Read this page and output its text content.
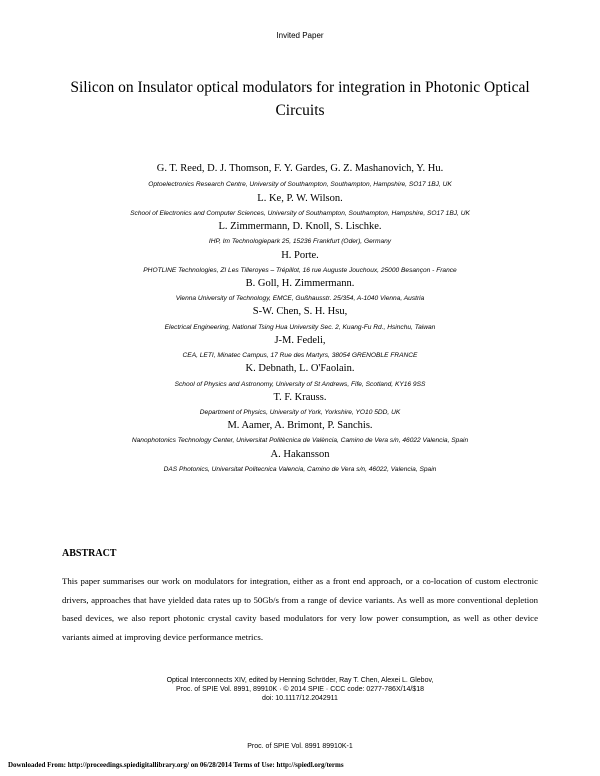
Invited Paper
Silicon on Insulator optical modulators for integration in Photonic Optical Circuits
G. T. Reed, D. J. Thomson, F. Y. Gardes, G. Z. Mashanovich, Y. Hu.
Optoelectronics Research Centre, University of Southampton, Southampton, Hampshire, SO17 1BJ, UK
L. Ke, P. W. Wilson.
School of Electronics and Computer Sciences, University of Southampton, Southampton, Hampshire, SO17 1BJ, UK
L. Zimmermann, D. Knoll, S. Lischke.
IHP, Im Technologiepark 25, 15236 Frankfurt (Oder), Germany
H. Porte.
PHOTLINE Technologies, ZI Les Tilleroyes – Trépillot, 16 rue Auguste Jouchoux, 25000 Besançon - France
B. Goll, H. Zimmermann.
Vienna University of Technology, EMCE, Gußhausstr. 25/354, A-1040 Vienna, Austria
S-W. Chen, S. H. Hsu,
Electrical Engineering, National Tsing Hua University Sec. 2, Kuang-Fu Rd., Hsinchu, Taiwan
J-M. Fedeli,
CEA, LETI, Minatec Campus, 17 Rue des Martyrs, 38054 GRENOBLE FRANCE
K. Debnath, L. O'Faolain.
School of Physics and Astronomy, University of St Andrews, Fife, Scotland, KY16 9SS
T. F. Krauss.
Department of Physics, University of York, Yorkshire, YO10 5DD, UK
M. Aamer, A. Brimont, P. Sanchis.
Nanophotonics Technology Center, Universitat Politècnica de València, Camino de Vera s/n, 46022 Valencia, Spain
A. Hakansson
DAS Photonics, Universitat Politecnica Valencia, Camino de Vera s/n, 46022, Valencia, Spain
ABSTRACT
This paper summarises our work on modulators for integration, either as a front end approach, or a co-location of custom electronic drivers, approaches that have yielded data rates up to 50Gb/s from a range of device variants. As well as more conventional depletion based devices, we also report photonic crystal cavity based modulators for very low power consumption, as well as other device variants aimed at improving device performance metrics.
Optical Interconnects XIV, edited by Henning Schröder, Ray T. Chen, Alexei L. Glebov,
Proc. of SPIE Vol. 8991, 89910K · © 2014 SPIE · CCC code: 0277-786X/14/$18
doi: 10.1117/12.2042911
Proc. of SPIE Vol. 8991 89910K-1
Downloaded From: http://proceedings.spiedigitallibrary.org/ on 06/28/2014 Terms of Use: http://spiedl.org/terms
